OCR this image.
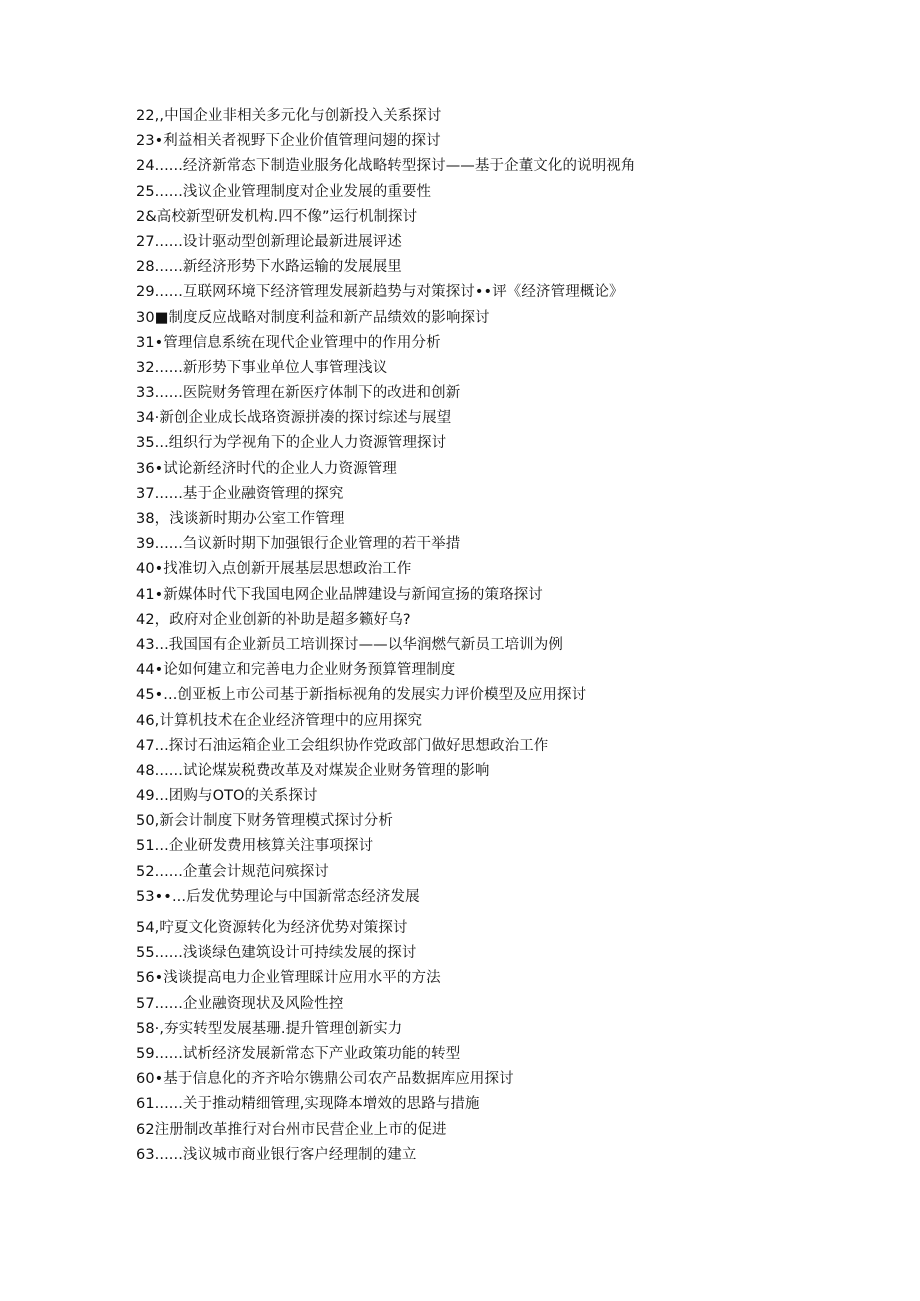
22,,中国企业非相关多元化与创新投入关系探讨
23•利益相关者视野下企业价值管理问翅的探讨
24......经济新常态下制造业服务化战略转型探讨——基于企董文化的说明视角
25......浅议企业管理制度对企业发展的重要性
2&高校新型研发机构.四不像”运行机制探讨
27......设计驱动型创新理论最新进展评述
28......新经济形势下水路运输的发展展里
29......互联网环境下经济管理发展新趋势与对策探讨••评《经济管理概论》
30■制度反应战略对制度利益和新产品绩效的影响探讨
31•管理信息系统在现代企业管理中的作用分析
32......新形势下事业单位人事管理浅议
33......医院财务管理在新医疗体制下的改进和创新
34·新创企业成长战珞资源拼凑的探讨综述与展望
35...组织行为学视角下的企业人力资源管理探讨
36•试论新经济时代的企业人力资源管理
37......基于企业融资管理的探究
38，浅谈新时期办公室工作管理
39......刍议新时期下加强银行企业管理的若干举措
40•找准切入点创新开展基层思想政治工作
41•新媒体时代下我国电网企业品牌建设与新闻宣扬的策珞探讨
42，政府对企业创新的补助是超多籁好乌?
43...我国国有企业新员工培训探讨——以华润燃气新员工培训为例
44•论如何建立和完善电力企业财务预算管理制度
45•...创亚板上市公司基于新指标视角的发展实力评价模型及应用探讨
46,计算机技术在企业经济管理中的应用探究
47...探讨石油运箱企业工会组织协作党政部门做好思想政治工作
48......试论煤炭税费改革及对煤炭企业财务管理的影响
49...团购与OTO的关系探讨
50,新会计制度下财务管理模式探讨分析
51...企业研发费用核算关注事项探讨
52......企董会计规范问殡探讨
53••...后发优势理论与中国新常态经济发展
54,咛夏文化资源转化为经济优势对策探讨
55......浅谈绿色建筑设计可持续发展的探讨
56•浅谈提高电力企业管理睬计应用水平的方法
57......企业融资现状及风险性控
58·,夯实转型发展基珊.提升管理创新实力
59......试析经济发展新常态下产业政策功能的转型
60•基于信息化的齐齐哈尔镌鼎公司农产品数据库应用探讨
61......关于推动精细管理,实现降本增效的思路与措施
62注册制改革推行对台州市民营企业上市的促进
63......浅议城市商业银行客户经理制的建立
